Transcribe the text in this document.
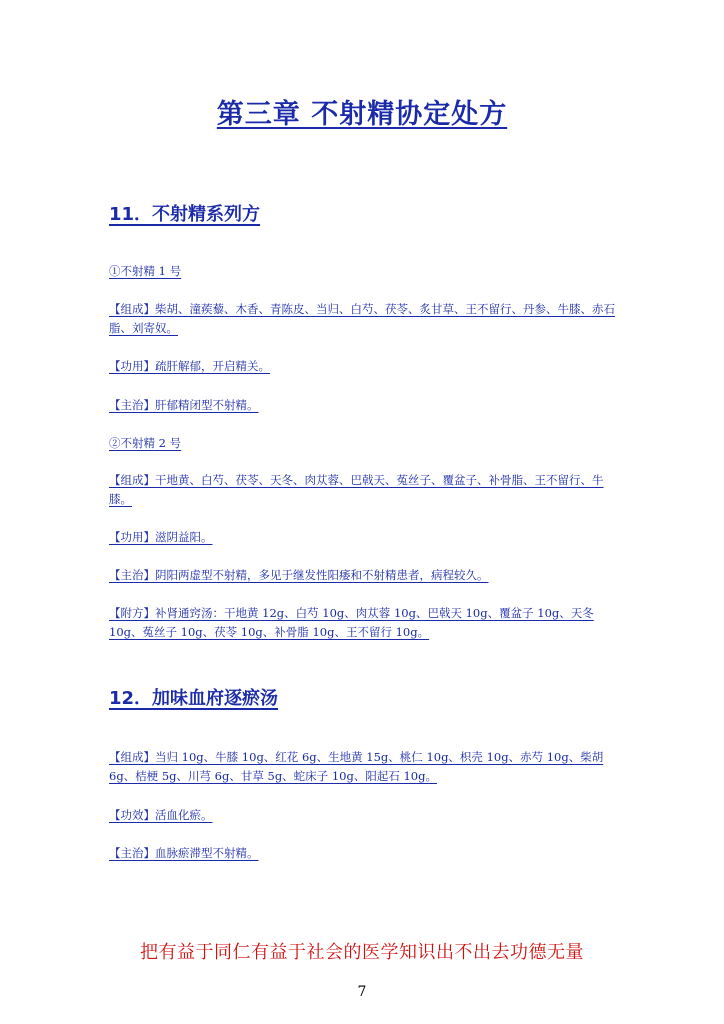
第三章 不射精协定处方
11．不射精系列方
①不射精 1 号
【组成】柴胡、潼蒺藜、木香、青陈皮、当归、白芍、茯苓、炙甘草、王不留行、丹参、牛膝、赤石脂、刘寄奴。
【功用】疏肝解郁，开启精关。
【主治】肝郁精闭型不射精。
②不射精 2 号
【组成】干地黄、白芍、茯苓、天冬、肉苁蓉、巴戟天、菟丝子、覆盆子、补骨脂、王不留行、牛膝。
【功用】滋阴益阳。
【主治】阴阳两虚型不射精，多见于继发性阳痿和不射精患者，病程较久。
【附方】补肾通窍汤：干地黄 12g、白芍 10g、肉苁蓉 10g、巴戟天 10g、覆盆子 10g、天冬 10g、菟丝子 10g、茯苓 10g、补骨脂 10g、王不留行 10g。
12．加味血府逐瘀汤
【组成】当归 10g、牛膝 10g、红花 6g、生地黄 15g、桃仁 10g、枳壳 10g、赤芍 10g、柴胡 6g、桔梗 5g、川芎 6g、甘草 5g、蛇床子 10g、阳起石 10g。
【功效】活血化瘀。
【主治】血脉瘀滞型不射精。
把有益于同仁有益于社会的医学知识出不出去功德无量
7
